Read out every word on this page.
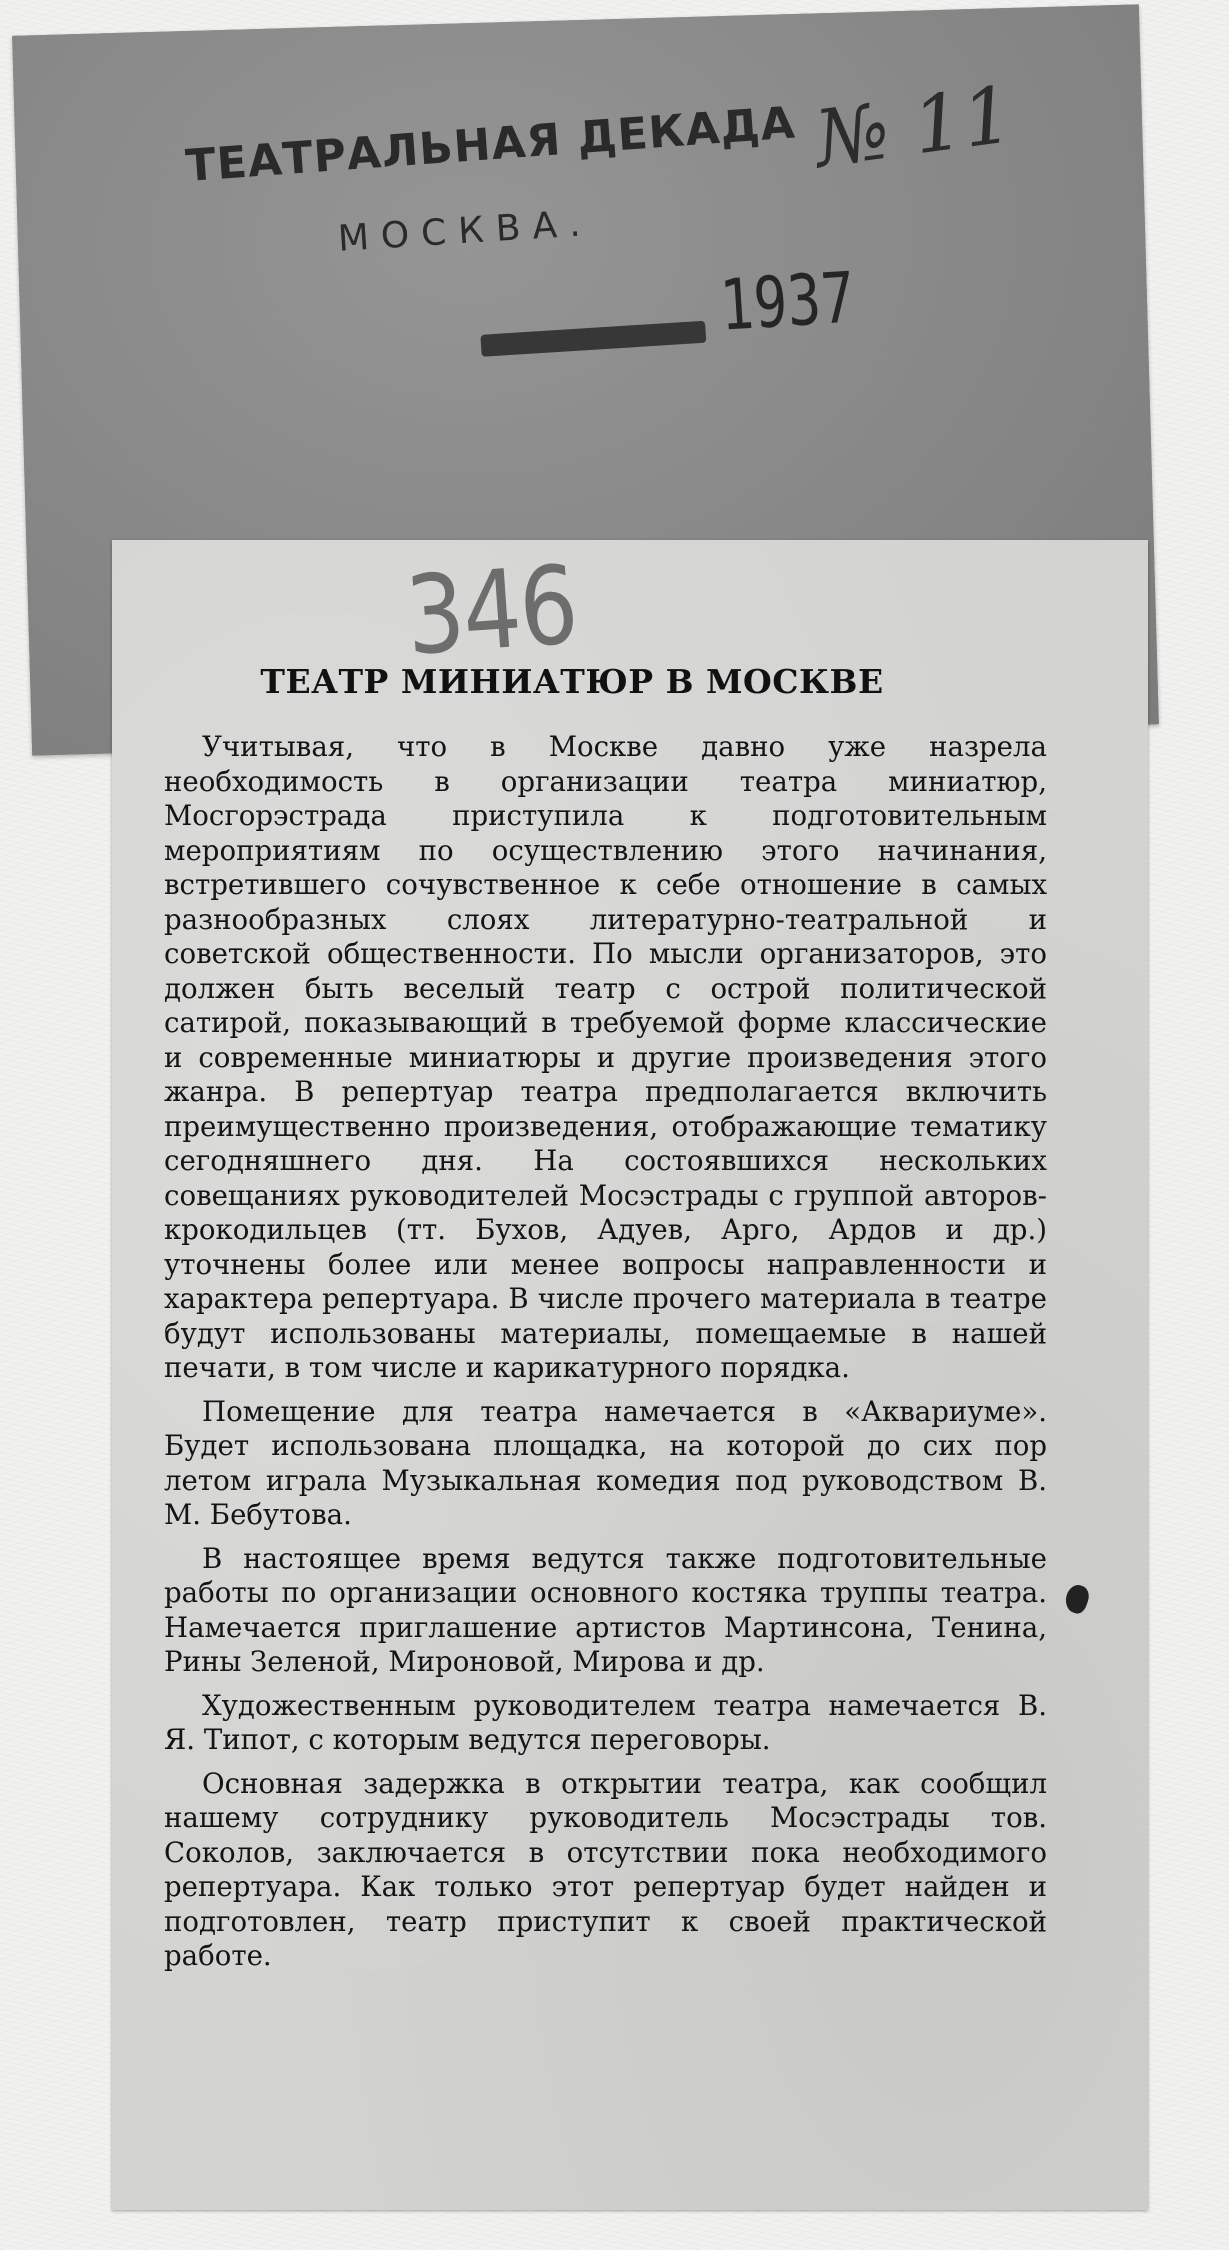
ТЕАТРАЛЬНАЯ ДЕКАДА
МОСКВА.
1937
№ 11
346
ТЕАТР МИНИАТЮР В МОСКВЕ

Учитывая, что в Москве давно уже назрела необходимость в организации театра миниатюр, Мосгорэстрада приступила к подготовительным мероприятиям по осуществлению этого начинания, встретившего сочувственное к себе отношение в самых разнообразных слоях литературно-театральной и советской общественности. По мысли организаторов, это должен быть веселый театр с острой политической сатирой, показывающий в требуемой форме классические и современные миниатюры и другие произведения этого жанра. В репертуар театра предполагается включить преимущественно произведения, отображающие тематику сегодняшнего дня. На состоявшихся нескольких совещаниях руководителей Мосэстрады с группой авторов-крокодильцев (тт. Бухов, Адуев, Арго, Ардов и др.) уточнены более или менее вопросы направленности и характера репертуара. В числе прочего материала в театре будут использованы материалы, помещаемые в нашей печати, в том числе и карикатурного порядка.

Помещение для театра намечается в «Аквариуме». Будет использована площадка, на которой до сих пор летом играла Музыкальная комедия под руководством В. М. Бебутова.

В настоящее время ведутся также подготовительные работы по организации основного костяка труппы театра. Намечается приглашение артистов Мартинсона, Тенина, Рины Зеленой, Мироновой, Мирова и др.

Художественным руководителем театра намечается В. Я. Типот, с которым ведутся переговоры.

Основная задержка в открытии театра, как сообщил нашему сотруднику руководитель Мосэстрады тов. Соколов, заключается в отсутствии пока необходимого репертуара. Как только этот репертуар будет найден и подготовлен, театр приступит к своей практической работе.
